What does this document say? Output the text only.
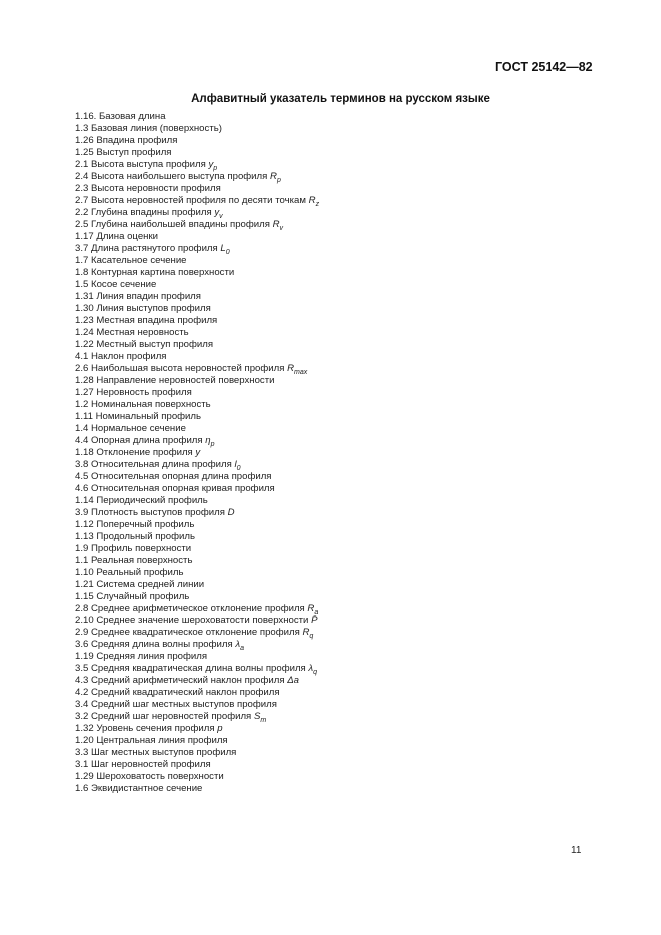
ГОСТ 25142—82
Алфавитный указатель терминов на русском языке
1.16. Базовая длина
1.3 Базовая линия (поверхность)
1.26 Впадина профиля
1.25 Выступ профиля
2.1 Высота выступа профиля $y_p$
2.4 Высота наибольшего выступа профиля $R_p$
2.3 Высота неровности профиля
2.7 Высота неровностей профиля по десяти точкам $R_z$
2.2 Глубина впадины профиля $y_v$
2.5 Глубина наибольшей впадины профиля $R_v$
1.17 Длина оценки
3.7 Длина растянутого профиля $L_0$
1.7 Касательное сечение
1.8 Контурная картина поверхности
1.5 Косое сечение
1.31 Линия впадин профиля
1.30 Линия выступов профиля
1.23 Местная впадина профиля
1.24 Местная неровность
1.22 Местный выступ профиля
4.1 Наклон профиля
2.6 Наибольшая высота неровностей профиля $R_{max}$
1.28 Направление неровностей поверхности
1.27 Неровность профиля
1.2 Номинальная поверхность
1.11 Номинальный профиль
1.4 Нормальное сечение
4.4 Опорная длина профиля $\eta_p$
1.18 Отклонение профиля y
3.8 Относительная длина профиля $l_0$
4.5 Относительная опорная длина профиля
4.6 Относительная опорная кривая профиля
1.14 Периодический профиль
3.9 Плотность выступов профиля D
1.12 Поперечный профиль
1.13 Продольный профиль
1.9 Профиль поверхности
1.1 Реальная поверхность
1.10 Реальный профиль
1.21 Система средней линии
1.15 Случайный профиль
2.8 Среднее арифметическое отклонение профиля $R_a$
2.10 Среднее значение шероховатости поверхности P̄
2.9 Среднее квадратическое отклонение профиля $R_q$
3.6 Средняя длина волны профиля $\lambda_a$
1.19 Средняя линия профиля
3.5 Средняя квадратическая длина волны профиля $\lambda_q$
4.3 Средний арифметический наклон профиля Δa
4.2 Средний квадратический наклон профиля
3.4 Средний шаг местных выступов профиля
3.2 Средний шаг неровностей профиля $S_m$
1.32 Уровень сечения профиля p
1.20 Центральная линия профиля
3.3 Шаг местных выступов профиля
3.1 Шаг неровностей профиля
1.29 Шероховатость поверхности
1.6 Эквидистантное сечение
11
